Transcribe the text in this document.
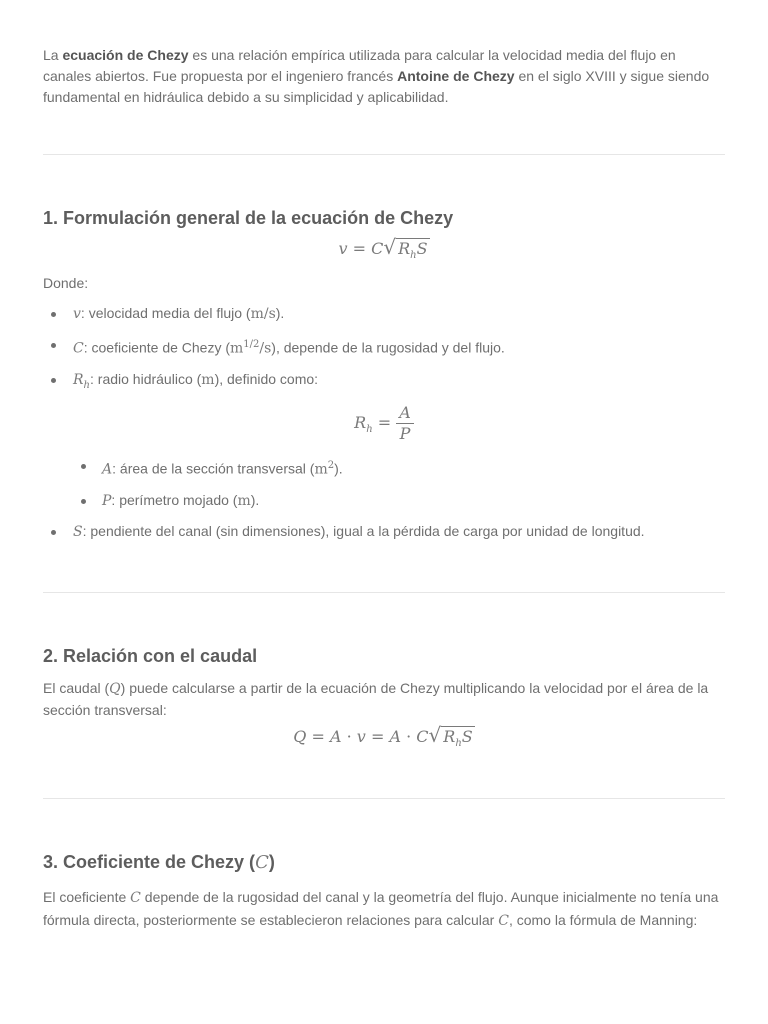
La ecuación de Chezy es una relación empírica utilizada para calcular la velocidad media del flujo en canales abiertos. Fue propuesta por el ingeniero francés Antoine de Chezy en el siglo XVIII y sigue siendo fundamental en hidráulica debido a su simplicidad y aplicabilidad.

1. Formulación general de la ecuación de Chezy
v = C√ $R_hS$

Donde:

v: velocidad media del flujo (m/s).
C: coeficiente de Chezy $(m^{1/2}/s)$, depende de la rugosidad y del flujo.
$R_h$: radio hidráulico (m), definido como:
$R_h = \frac{A}{P}$
A: área de la sección transversal $(m^2)$.
P: perímetro mojado (m).
S: pendiente del canal (sin dimensiones), igual a la pérdida de carga por unidad de longitud.
2. Relación con el caudal

El caudal (Q) puede calcularse a partir de la ecuación de Chezy multiplicando la velocidad por el área de la sección transversal:

Q = A · v = A · C√ $R_hS$
3. Coeficiente de Chezy (C)

El coeficiente C depende de la rugosidad del canal y la geometría del flujo. Aunque inicialmente no tenía una fórmula directa, posteriormente se establecieron relaciones para calcular C, como la fórmula de Manning:
